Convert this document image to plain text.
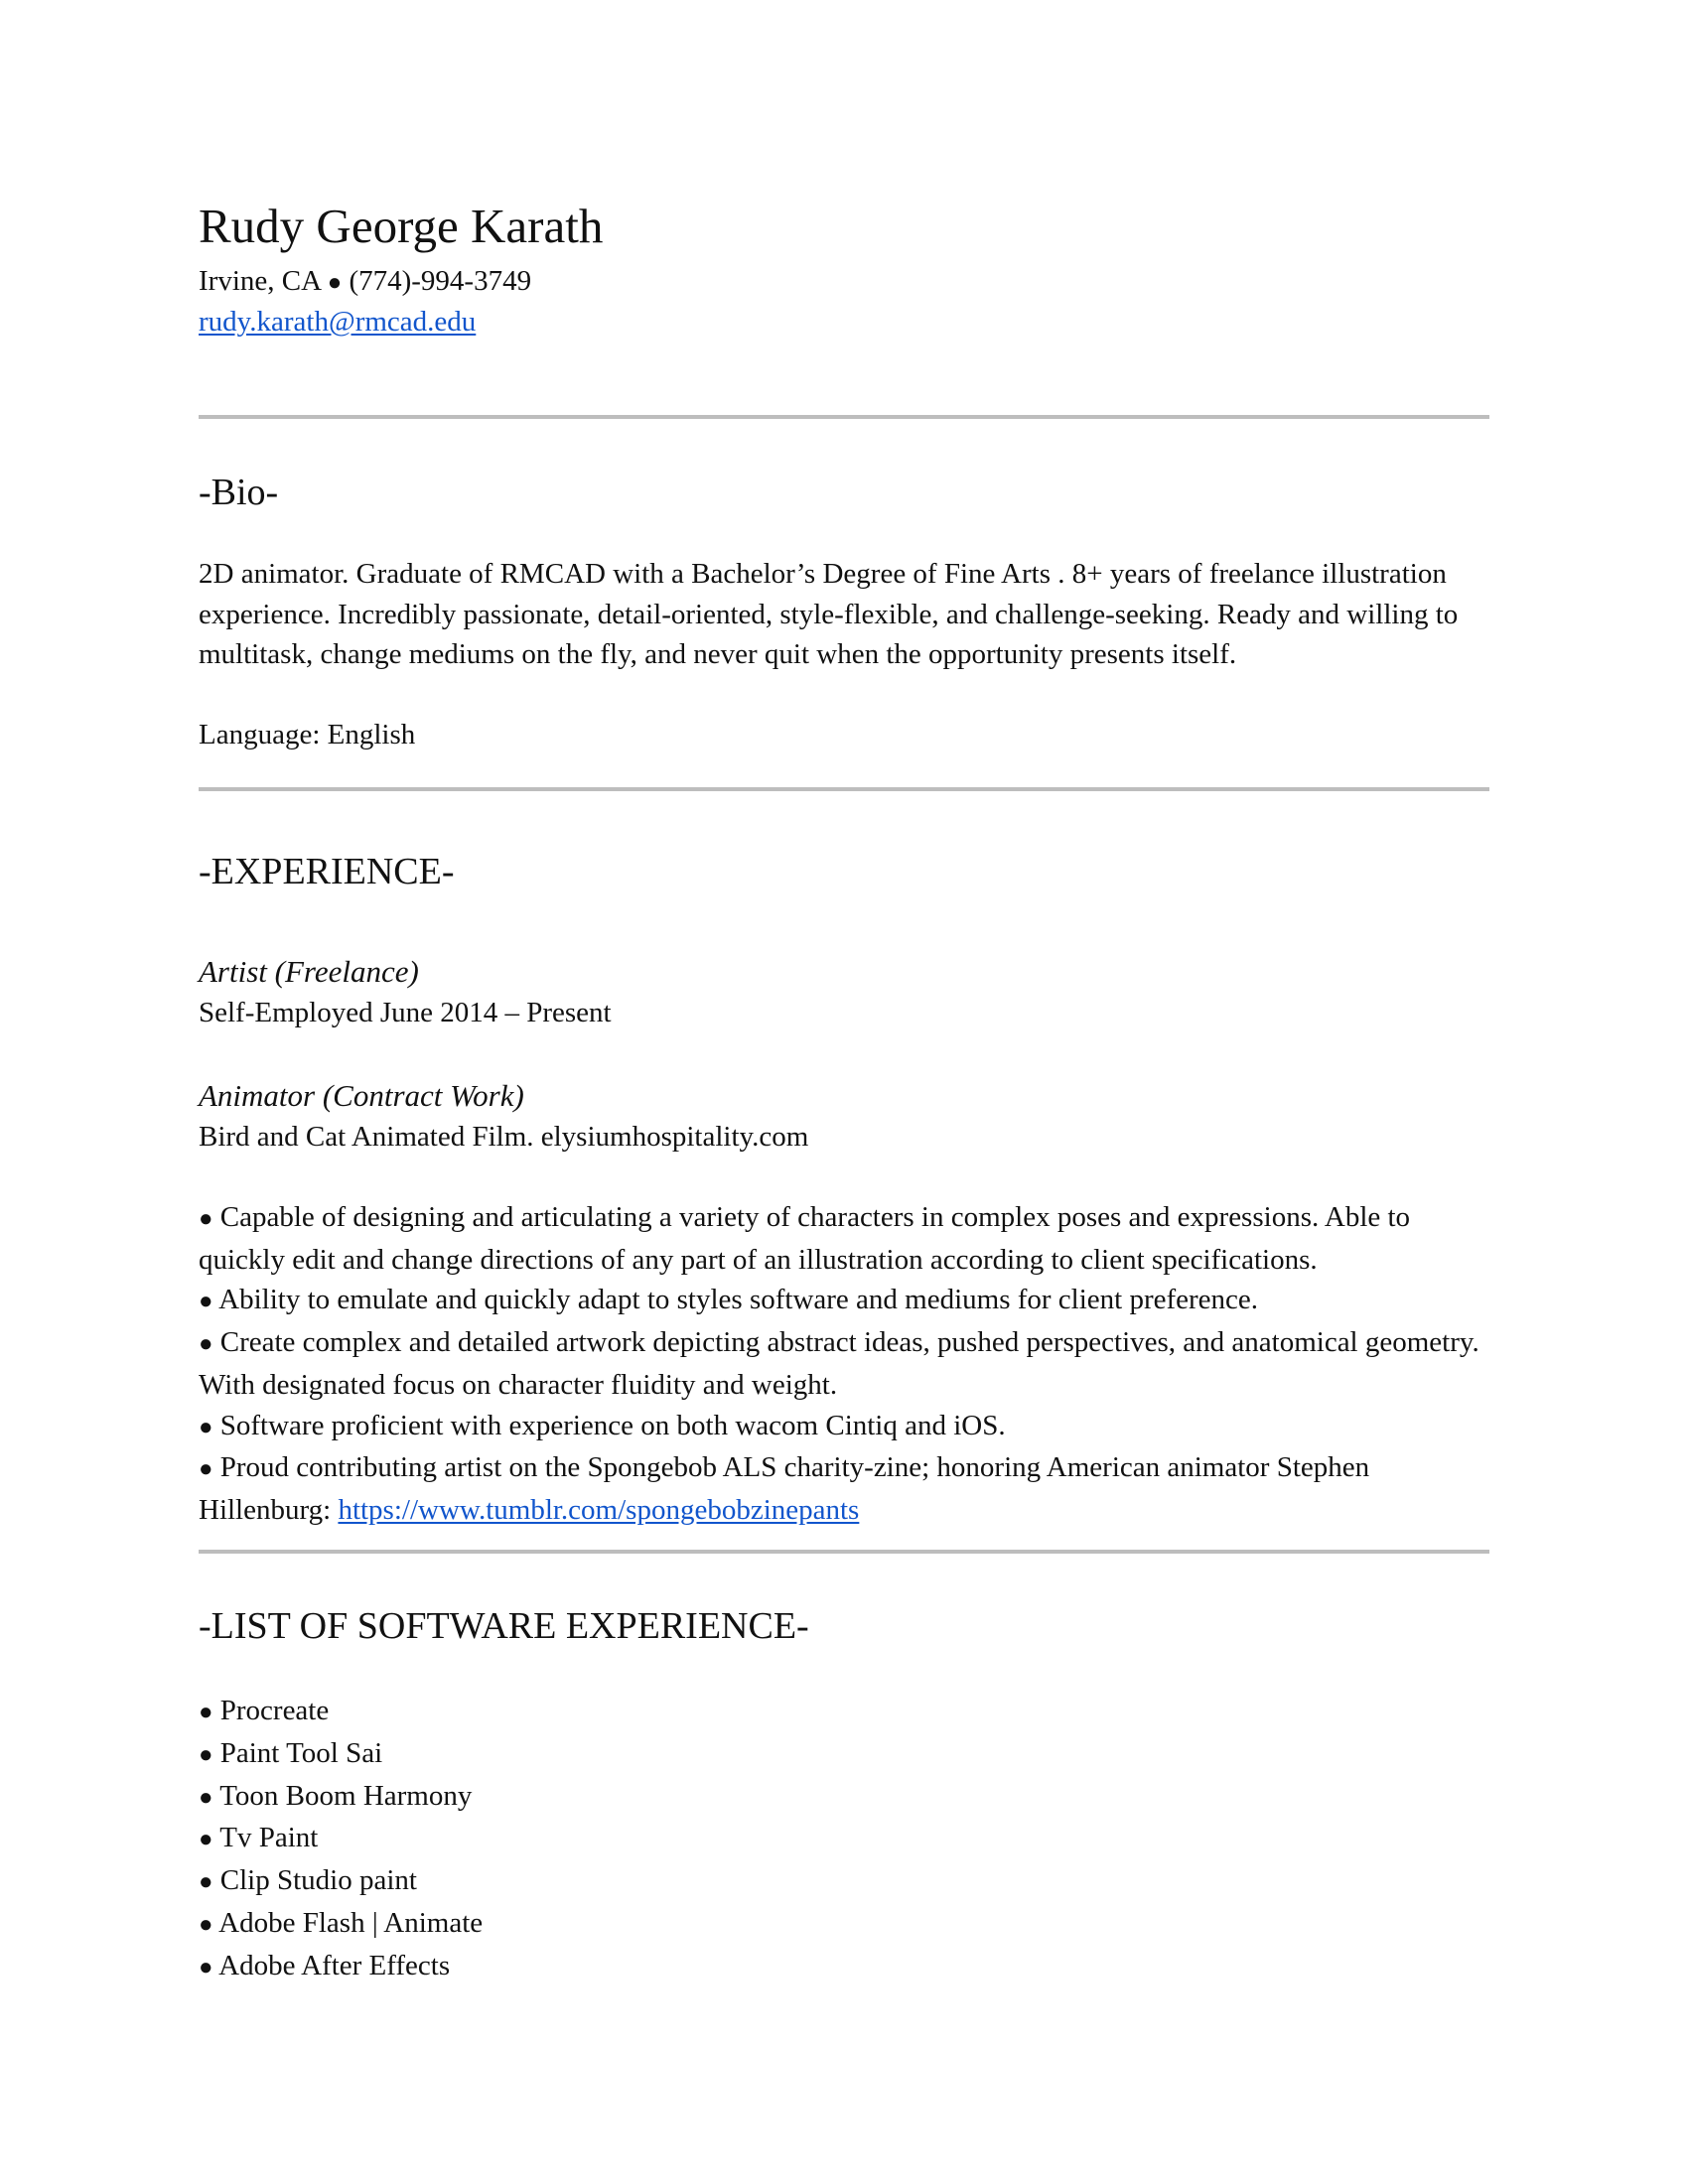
Rudy George Karath
Irvine, CA ● (774)-994-3749
rudy.karath@rmcad.edu
-Bio-
2D animator. Graduate of RMCAD with a Bachelor’s Degree of Fine Arts . 8+ years of freelance illustration experience. Incredibly passionate, detail-oriented, style-flexible, and challenge-seeking. Ready and willing to multitask, change mediums on the fly, and never quit when the opportunity presents itself.
Language: English
-EXPERIENCE-
Artist (Freelance)
Self-Employed June 2014 – Present
Animator (Contract Work)
Bird and Cat Animated Film. elysiumhospitality.com
● Capable of designing and articulating a variety of characters in complex poses and expressions. Able to quickly edit and change directions of any part of an illustration according to client specifications.
● Ability to emulate and quickly adapt to styles software and mediums for client preference.
● Create complex and detailed artwork depicting abstract ideas, pushed perspectives, and anatomical geometry. With designated focus on character fluidity and weight.
● Software proficient with experience on both wacom Cintiq and iOS.
● Proud contributing artist on the Spongebob ALS charity-zine; honoring American animator Stephen Hillenburg: https://www.tumblr.com/spongebobzinepants
-LIST OF SOFTWARE EXPERIENCE-
● Procreate
● Paint Tool Sai
● Toon Boom Harmony
● Tv Paint
● Clip Studio paint
● Adobe Flash | Animate
● Adobe After Effects
